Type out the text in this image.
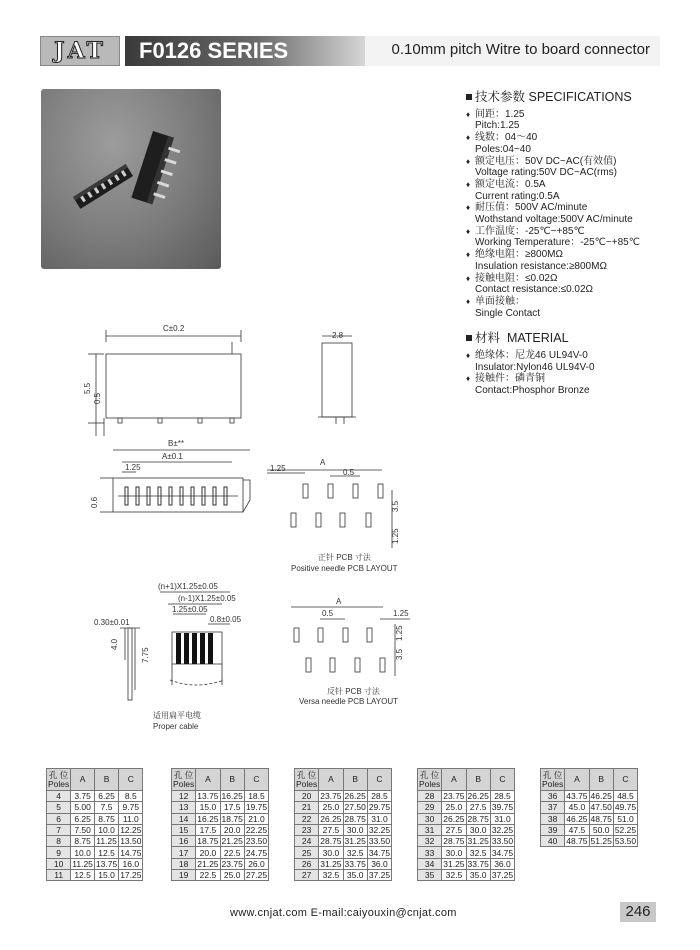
JAT	F0126 SERIES	0.10mm pitch Witre to board connector
技术参数 SPECIFICATIONS
♦ 间距：1.25
Pitch:1.25
♦ 线数：04～40
Poles:04~40
♦ 额定电压：50V DC~AC(有效值)
Voltage rating:50V DC~AC(rms)
♦ 额定电流：0.5A
Current rating:0.5A
♦ 耐压值：500V AC/minute
Wothstand voltage:500V AC/minute
♦ 工作温度：-25℃~+85℃
Working Temperature：-25℃~+85℃
♦ 绝缘电阻：≥800MΩ
Insulation resistance:≥800MΩ
♦ 接触电阻：≤0.02Ω
Contact resistance:≤0.02Ω
♦ 单面接触：
Single Contact
材料 MATERIAL
♦ 绝缘体：尼龙46 UL94V-0
Insulator:Nylon46 UL94V-0
♦ 接触件：磷青铜
Contact:Phosphor Bronze
C±0.2
5.5
0.5
2.8
B±**
A±0.1
1.25
0.6
1.25
A
0.5
3.5
1.25
正针 PCB 寸法
Positive needle PCB LAYOUT
(n+1)X1.25±0.05
(n-1)X1.25±0.05
1.25±0.05
0.8±0.05
0.30±0.01
4.0
7.75
适用扁平电缆
Proper cable
A
0.5	1.25
1.25
3.5
反针 PCB 寸法
Versa needle PCB LAYOUT
孔 位
Poles	A	B	C
4	3.75	6.25	8.5
5	5.00	7.5	9.75
6	6.25	8.75	11.0
7	7.50	10.0	12.25
8	8.75	11.25	13.50
9	10.0	12.5	14.75
10	11.25	13.75	16.0
11	12.5	15.0	17.25
孔 位
Poles	A	B	C
12	13.75	16.25	18.5
13	15.0	17.5	19.75
14	16.25	18.75	21.0
15	17.5	20.0	22.25
16	18.75	21.25	23.50
17	20.0	22.5	24.75
18	21.25	23.75	26.0
19	22.5	25.0	27.25
孔 位
Poles	A	B	C
20	23.75	26.25	28.5
21	25.0	27.50	29.75
22	26.25	28.75	31.0
23	27.5	30.0	32.25
24	28.75	31.25	33.50
25	30.0	32.5	34.75
26	31.25	33.75	36.0
27	32.5	35.0	37.25
孔 位
Poles	A	B	C
28	23.75	26.25	28.5
29	25.0	27.5	39.75
30	26.25	28.75	31.0
31	27.5	30.0	32.25
32	28.75	31.25	33.50
33	30.0	32.5	34.75
34	31.25	33.75	36.0
35	32.5	35.0	37.25
孔 位
Poles	A	B	C
36	43.75	46.25	48.5
37	45.0	47.50	49.75
38	46.25	48.75	51.0
39	47.5	50.0	52.25
40	48.75	51.25	53.50
www.cnjat.com E-mail:caiyouxin@cnjat.com	246
